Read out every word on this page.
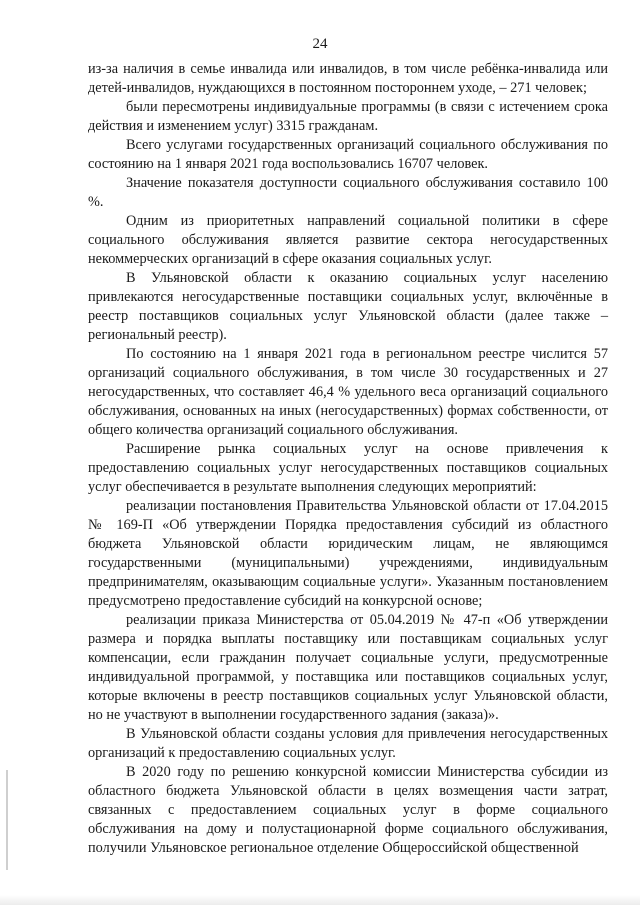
24

из-за наличия в семье инвалида или инвалидов, в том числе ребёнка-инвалида или детей-инвалидов, нуждающихся в постоянном постороннем уходе, – 271 человек;

были пересмотрены индивидуальные программы (в связи с истечением срока действия и изменением услуг) 3315 гражданам.

Всего услугами государственных организаций социального обслуживания по состоянию на 1 января 2021 года воспользовались 16707 человек.

Значение показателя доступности социального обслуживания составило 100 %.

Одним из приоритетных направлений социальной политики в сфере социального обслуживания является развитие сектора негосударственных некоммерческих организаций в сфере оказания социальных услуг.

В Ульяновской области к оказанию социальных услуг населению привлекаются негосударственные поставщики социальных услуг, включённые в реестр поставщиков социальных услуг Ульяновской области (далее также – региональный реестр).

По состоянию на 1 января 2021 года в региональном реестре числится 57 организаций социального обслуживания, в том числе 30 государственных и 27 негосударственных, что составляет 46,4 % удельного веса организаций социального обслуживания, основанных на иных (негосударственных) формах собственности, от общего количества организаций социального обслуживания.

Расширение рынка социальных услуг на основе привлечения к предоставлению социальных услуг негосударственных поставщиков социальных услуг обеспечивается в результате выполнения следующих мероприятий:

реализации постановления Правительства Ульяновской области от 17.04.2015 № 169-П «Об утверждении Порядка предоставления субсидий из областного бюджета Ульяновской области юридическим лицам, не являющимся государственными (муниципальными) учреждениями, индивидуальным предпринимателям, оказывающим социальные услуги». Указанным постановлением предусмотрено предоставление субсидий на конкурсной основе;

реализации приказа Министерства от 05.04.2019 № 47-п «Об утверждении размера и порядка выплаты поставщику или поставщикам социальных услуг компенсации, если гражданин получает социальные услуги, предусмотренные индивидуальной программой, у поставщика или поставщиков социальных услуг, которые включены в реестр поставщиков социальных услуг Ульяновской области, но не участвуют в выполнении государственного задания (заказа)».

В Ульяновской области созданы условия для привлечения негосударственных организаций к предоставлению социальных услуг.

В 2020 году по решению конкурсной комиссии Министерства субсидии из областного бюджета Ульяновской области в целях возмещения части затрат, связанных с предоставлением социальных услуг в форме социального обслуживания на дому и полустационарной форме социального обслуживания, получили Ульяновское региональное отделение Общероссийской общественной
